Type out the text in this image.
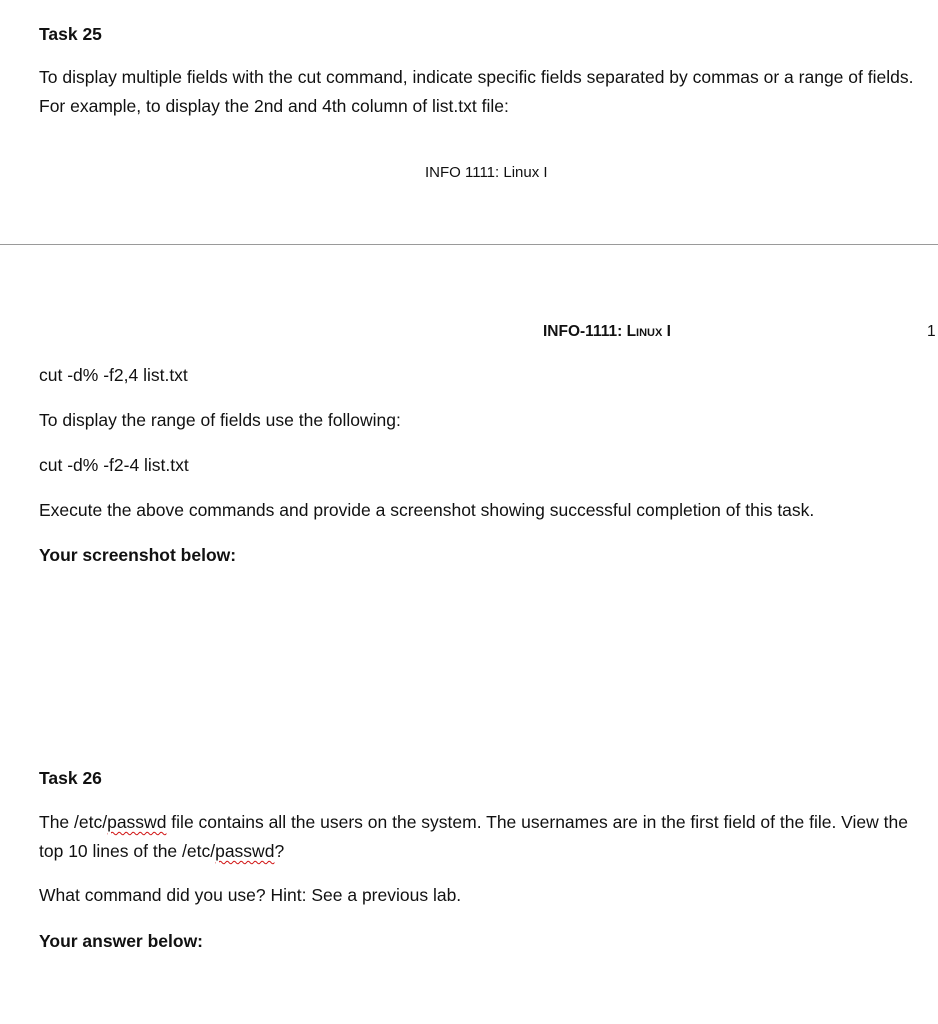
Task 25
To display multiple fields with the cut command, indicate specific fields separated by commas or a range of fields. For example, to display the 2nd and 4th column of list.txt file:
INFO 1111: Linux I
INFO-1111: Linux I	1
cut -d% -f2,4 list.txt
To display the range of fields use the following:
cut -d% -f2-4 list.txt
Execute the above commands and provide a screenshot showing successful completion of this task.
Your screenshot below:
Task 26
The /etc/passwd file contains all the users on the system. The usernames are in the first field of the file. View the top 10 lines of the /etc/passwd?
What command did you use? Hint: See a previous lab.
Your answer below:
